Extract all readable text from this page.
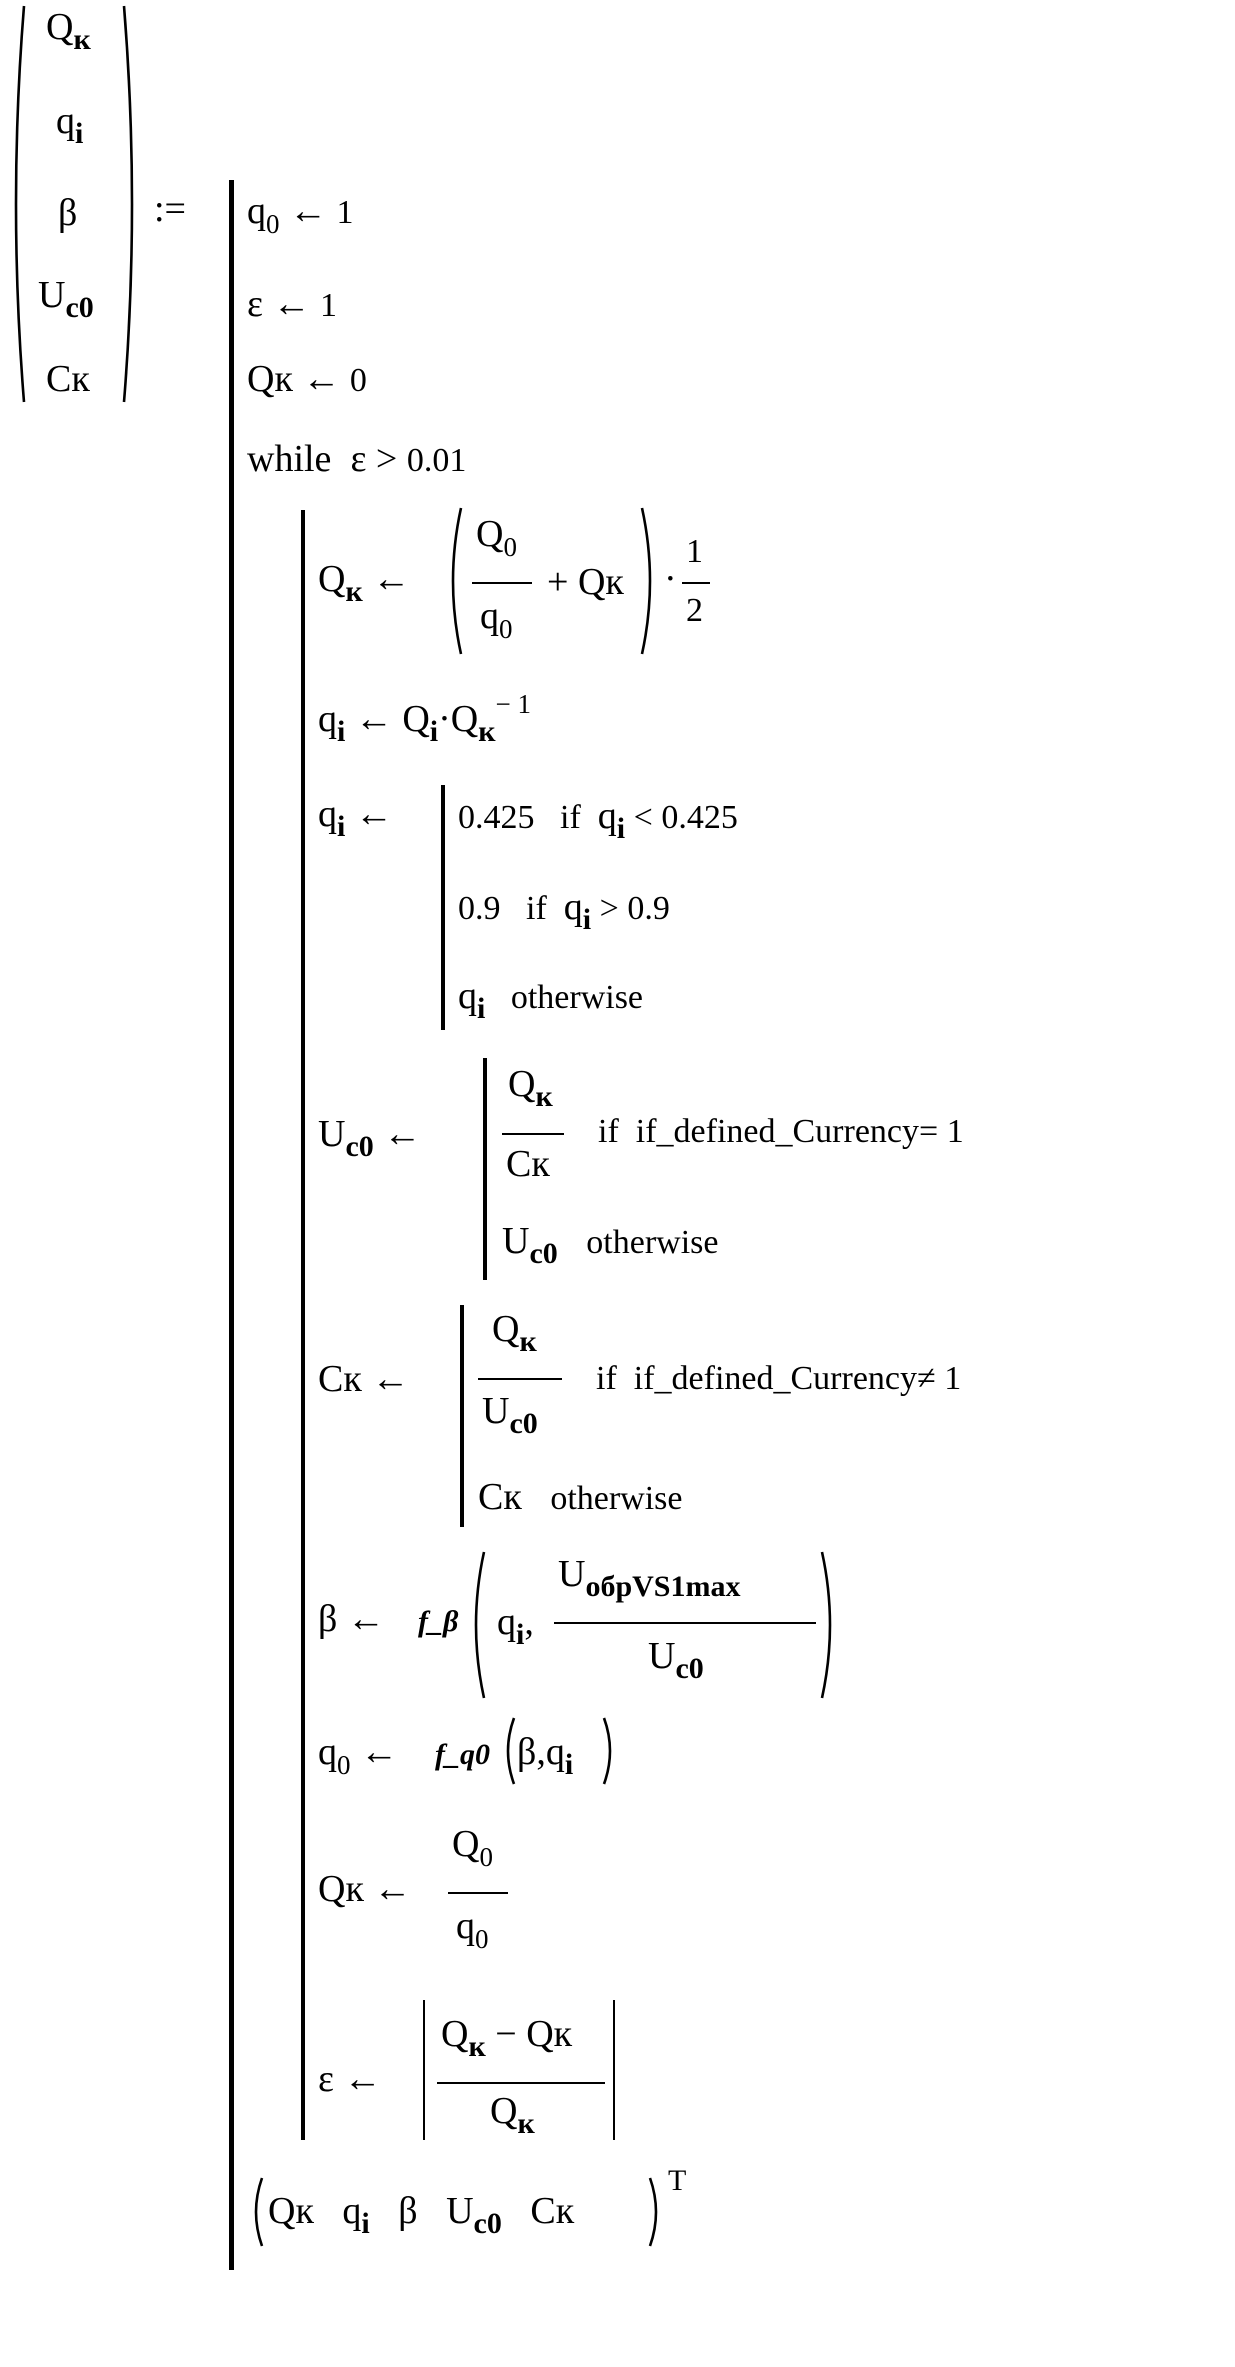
$Q_к$
$q_i$
β
$U_{c0}$
Cк
:= $q_0$ ← 1
ε ← 1
Qк ← 0
while ε > 0.01
$Q_к$ ←
$Q_0$
$q_0$
+ Qк ·
1
2
$q_i$ ← $Q_i\cdot Q_к^{- 1}$
$q_i$ ← 0.425 if qi < 0.425
0.9 if qi > 0.9
qi otherwise
$U_{c0}$ ←
$Q_к$
Cк
if if_defined_Currency= 1
$U_{c0}$ otherwise
Cк ←
$Q_к$
$U_{c0}$
if if_defined_Currency≠ 1
Cк otherwise
β ← f_β $q_i$,
$U_{обрVS1max}$
$U_{c0}$
$q_0$ ← f_q0 $\beta,q_i$
Qк ←
$Q_0$
$q_0$
ε ←
$Q_к$ − Qк
$Q_к$
Qк $q_i$ β $U_{c0}$ Cк
T
